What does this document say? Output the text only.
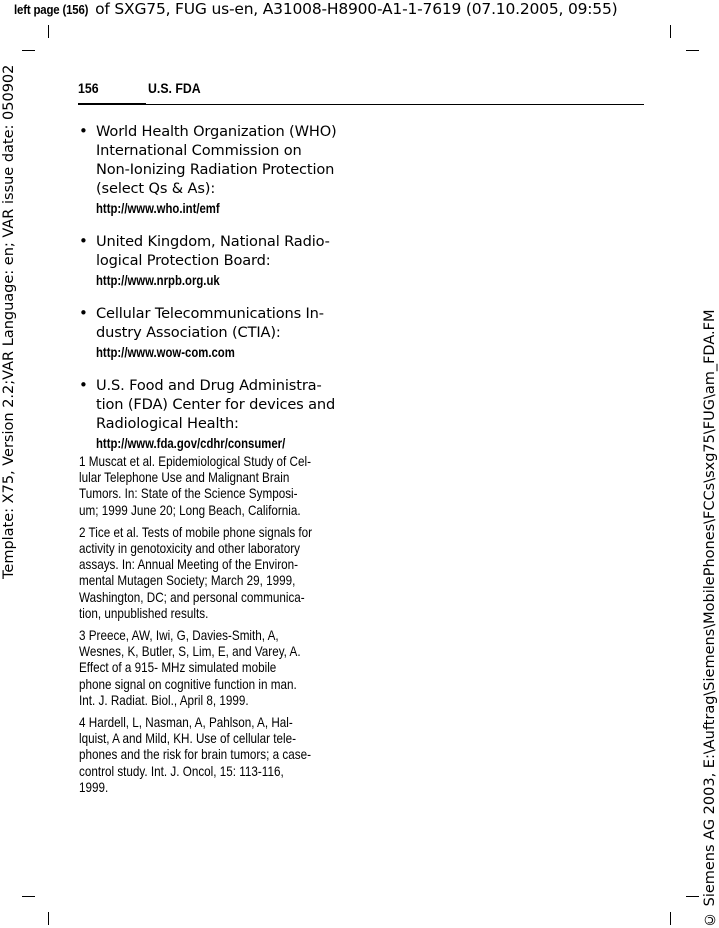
left page (156) of SXG75, FUG us-en, A31008-H8900-A1-1-7619 (07.10.2005, 09:55)
Template: X75, Version 2.2;VAR Language: en; VAR issue date: 050902	© Siemens AG 2003, E:\Auftrag\Siemens\MobilePhones\FCCs\sxg75\FUG\am_FDA.FM
156	U.S. FDA
• World Health Organization (WHO)
International Commission on
Non-Ionizing Radiation Protection
(select Qs & As):
http://www.who.int/emf
• United Kingdom, National Radio-
logical Protection Board:
http://www.nrpb.org.uk
• Cellular Telecommunications In-
dustry Association (CTIA):
http://www.wow-com.com
• U.S. Food and Drug Administra-
tion (FDA) Center for devices and
Radiological Health:
http://www.fda.gov/cdhr/consumer/
1 Muscat et al. Epidemiological Study of Cel-
lular Telephone Use and Malignant Brain
Tumors. In: State of the Science Symposi-
um; 1999 June 20; Long Beach, California.
2 Tice et al. Tests of mobile phone signals for
activity in genotoxicity and other laboratory
assays. In: Annual Meeting of the Environ-
mental Mutagen Society; March 29, 1999,
Washington, DC; and personal communica-
tion, unpublished results.
3 Preece, AW, Iwi, G, Davies-Smith, A,
Wesnes, K, Butler, S, Lim, E, and Varey, A.
Effect of a 915- MHz simulated mobile
phone signal on cognitive function in man.
Int. J. Radiat. Biol., April 8, 1999.
4 Hardell, L, Nasman, A, Pahlson, A, Hal-
lquist, A and Mild, KH. Use of cellular tele-
phones and the risk for brain tumors; a case-
control study. Int. J. Oncol, 15: 113-116,
1999.
